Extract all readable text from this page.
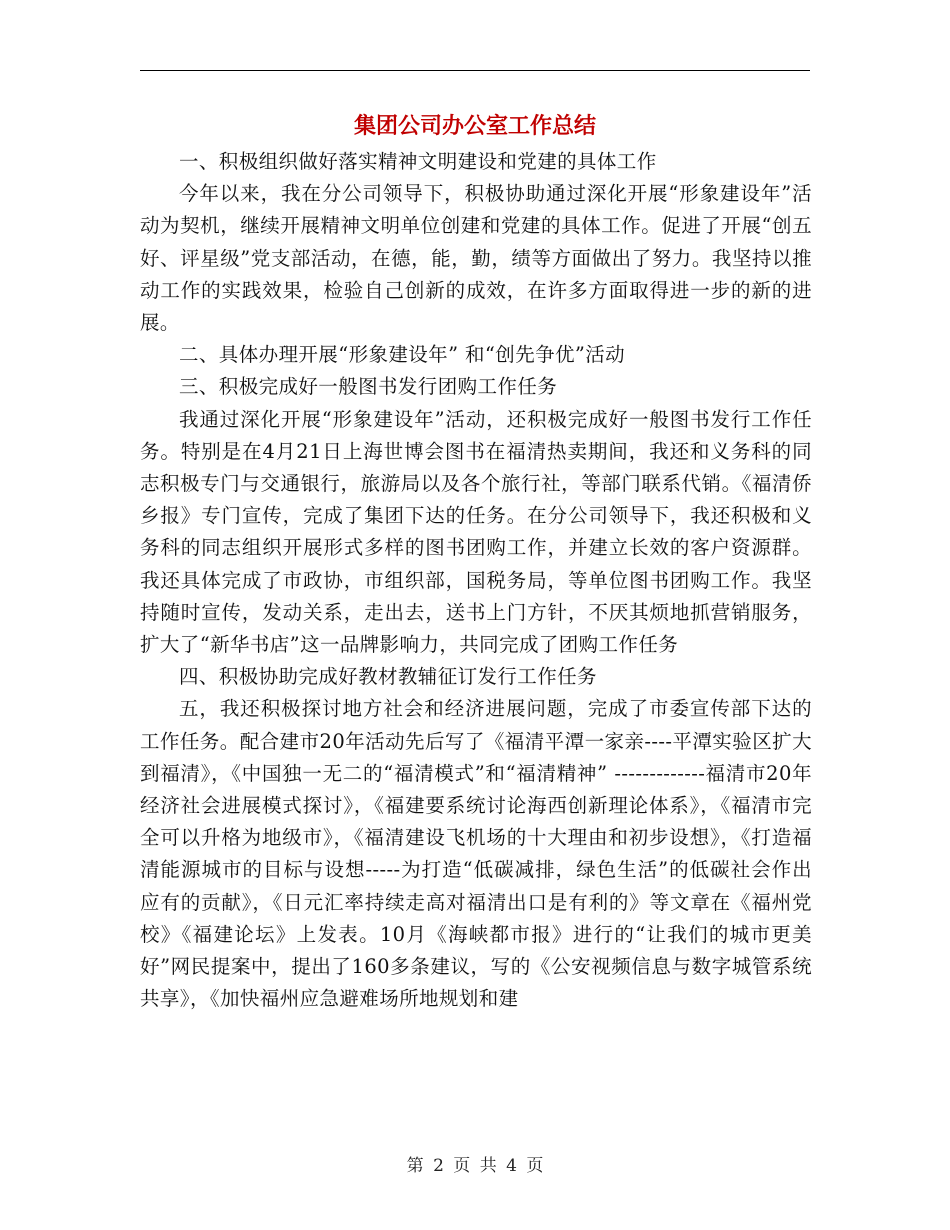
集团公司办公室工作总结

一、积极组织做好落实精神文明建设和党建的具体工作

今年以来，我在分公司领导下，积极协助通过深化开展“形象建设年”活动为契机，继续开展精神文明单位创建和党建的具体工作。促进了开展“创五好、评星级”党支部活动，在德，能，勤，绩等方面做出了努力。我坚持以推动工作的实践效果，检验自己创新的成效，在许多方面取得进一步的新的进展。

二、具体办理开展“形象建设年” 和“创先争优”活动

三、积极完成好一般图书发行团购工作任务

我通过深化开展“形象建设年”活动，还积极完成好一般图书发行工作任务。特别是在4月21日上海世博会图书在福清热卖期间，我还和义务科的同志积极专门与交通银行，旅游局以及各个旅行社，等部门联系代销。《福清侨乡报》专门宣传，完成了集团下达的任务。在分公司领导下，我还积极和义务科的同志组织开展形式多样的图书团购工作，并建立长效的客户资源群。我还具体完成了市政协，市组织部，国税务局，等单位图书团购工作。我坚持随时宣传，发动关系，走出去，送书上门方针，不厌其烦地抓营销服务，扩大了“新华书店”这一品牌影响力，共同完成了团购工作任务

四、积极协助完成好教材教辅征订发行工作任务

五，我还积极探讨地方社会和经济进展问题，完成了市委宣传部下达的工作任务。配合建市20年活动先后写了《福清平潭一家亲----平潭实验区扩大到福清》，《中国独一无二的“福清模式”和“福清精神” -------------福清市20年经济社会进展模式探讨》，《福建要系统讨论海西创新理论体系》，《福清市完全可以升格为地级市》，《福清建设飞机场的十大理由和初步设想》，《打造福清能源城市的目标与设想-----为打造“低碳减排，绿色生活”的低碳社会作出应有的贡献》，《日元汇率持续走高对福清出口是有利的》等文章在《福州党校》《福建论坛》上发表。10月《海峡都市报》进行的“让我们的城市更美好”网民提案中，提出了160多条建议，写的《公安视频信息与数字城管系统共享》，《加快福州应急避难场所地规划和建

第 2 页 共 4 页
